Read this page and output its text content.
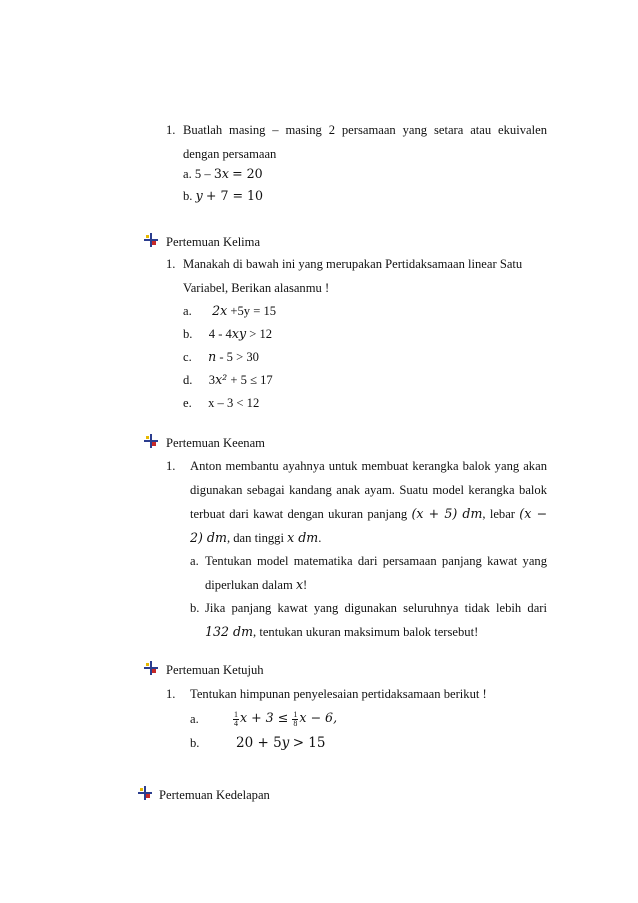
1. Buatlah masing – masing 2 persamaan yang setara atau ekuivalen
dengan persamaan
a. 5 – 3x = 20
b. y + 7 = 10
Pertemuan Kelima
1. Manakah di bawah ini yang merupakan Pertidaksamaan linear Satu
Variabel, Berikan alasanmu !
a. 2x +5y = 15
b. 4 - 4xy > 12
c. n - 5 > 30
d. 3x² + 5 ≤ 17
e. x – 3 < 12
Pertemuan Keenam
1. Anton membantu ayahnya untuk membuat kerangka balok yang akan
digunakan sebagai kandang anak ayam. Suatu model kerangka balok
terbuat dari kawat dengan ukuran panjang (x + 5) dm, lebar (x −
2) dm, dan tinggi x dm.
a. Tentukan model matematika dari persamaan panjang kawat yang
diperlukan dalam x!
b. Jika panjang kawat yang digunakan seluruhnya tidak lebih dari
132 dm, tentukan ukuran maksimum balok tersebut!
Pertemuan Ketujuh
1. Tentukan himpunan penyelesaian pertidaksamaan berikut !
a.	$\frac{1}{4}$ $x + 3 \le \frac{1}{8}$ x − 6,
b.	20 + 5y > 15
Pertemuan Kedelapan
